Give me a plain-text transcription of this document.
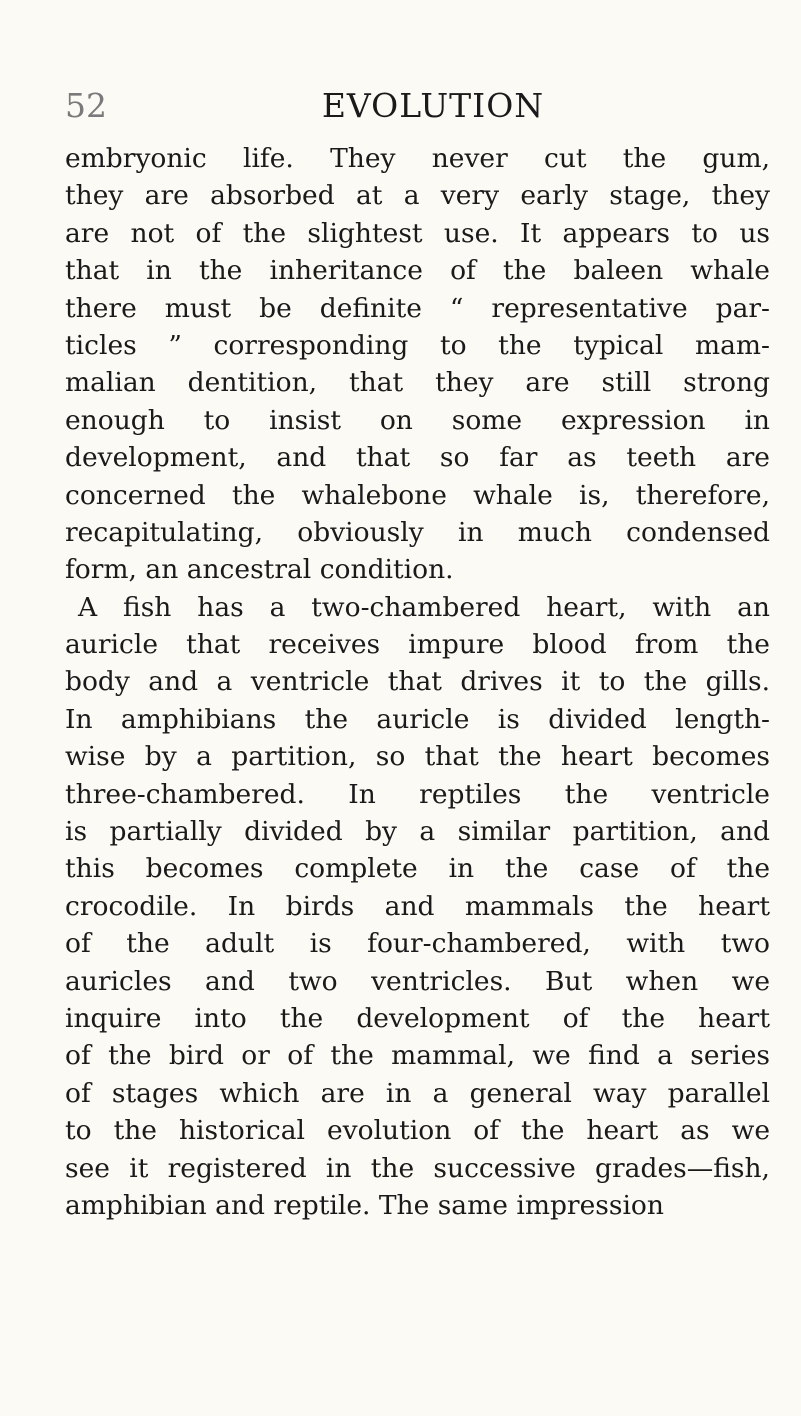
52	EVOLUTION
embryonic life. They never cut the gum,
they are absorbed at a very early stage, they
are not of the slightest use. It appears to us
that in the inheritance of the baleen whale
there must be definite “ representative par-
ticles ” corresponding to the typical mam-
malian dentition, that they are still strong
enough to insist on some expression in
development, and that so far as teeth are
concerned the whalebone whale is, therefore,
recapitulating, obviously in much condensed
form, an ancestral condition.
A fish has a two-chambered heart, with an
auricle that receives impure blood from the
body and a ventricle that drives it to the gills.
In amphibians the auricle is divided length-
wise by a partition, so that the heart becomes
three-chambered. In reptiles the ventricle
is partially divided by a similar partition, and
this becomes complete in the case of the
crocodile. In birds and mammals the heart
of the adult is four-chambered, with two
auricles and two ventricles. But when we
inquire into the development of the heart
of the bird or of the mammal, we find a series
of stages which are in a general way parallel
to the historical evolution of the heart as we
see it registered in the successive grades—fish,
amphibian and reptile. The same impression
